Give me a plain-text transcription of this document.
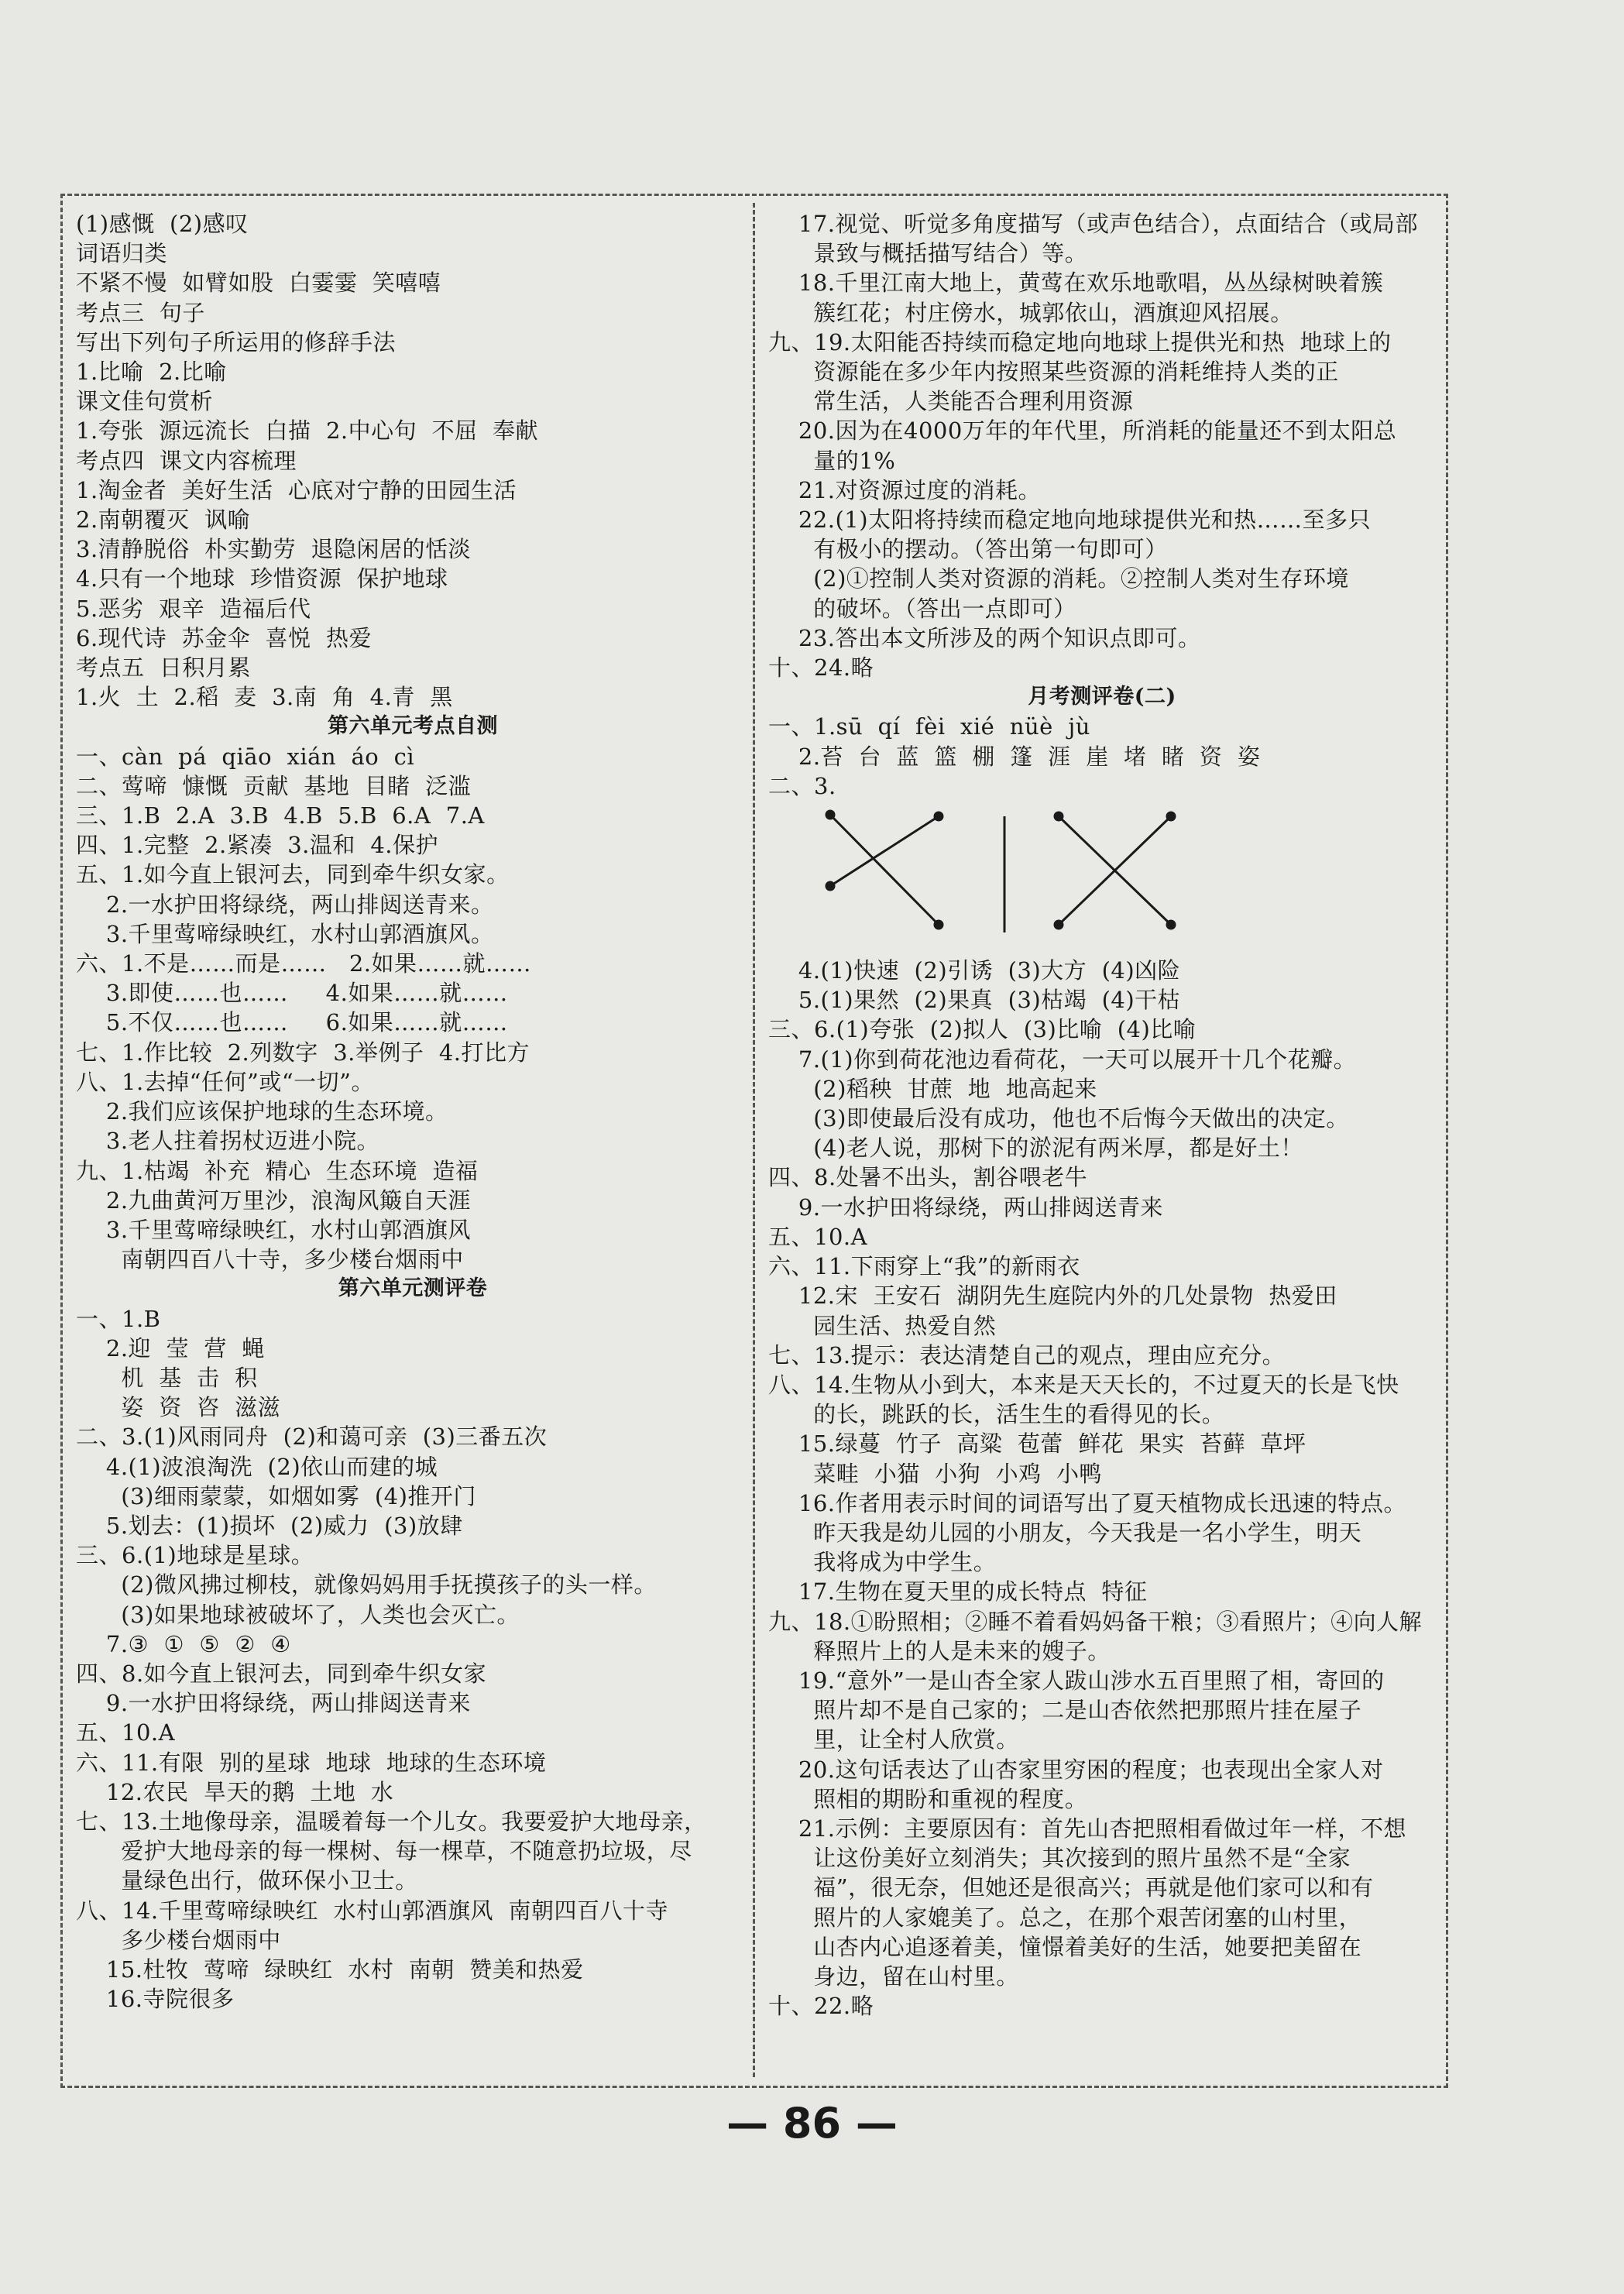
(1)感慨  (2)感叹
词语归类
不紧不慢  如臂如股  白霎霎  笑嘻嘻
考点三  句子
写出下列句子所运用的修辞手法
1.比喻  2.比喻
课文佳句赏析
1.夸张  源远流长  白描  2.中心句  不屈  奉献
考点四  课文内容梳理
1.淘金者  美好生活  心底对宁静的田园生活
2.南朝覆灭  讽喻
3.清静脱俗  朴实勤劳  退隐闲居的恬淡
4.只有一个地球  珍惜资源  保护地球
5.恶劣  艰辛  造福后代
6.现代诗  苏金伞  喜悦  热爱
考点五  日积月累
1.火  土  2.稻  麦  3.南  角  4.青  黑
第六单元考点自测
一、càn  pá  qiāo  xián  áo  cì
二、莺啼  慷慨  贡献  基地  目睹  泛滥
三、1.B  2.A  3.B  4.B  5.B  6.A  7.A
四、1.完整  2.紧凑  3.温和  4.保护
五、1.如今直上银河去，同到牵牛织女家。
2.一水护田将绿绕，两山排闼送青来。
3.千里莺啼绿映红，水村山郭酒旗风。
六、1.不是……而是……   2.如果……就……
3.即使……也……     4.如果……就……
5.不仅……也……     6.如果……就……
七、1.作比较  2.列数字  3.举例子  4.打比方
八、1.去掉“任何”或“一切”。
2.我们应该保护地球的生态环境。
3.老人拄着拐杖迈进小院。
九、1.枯竭  补充  精心  生态环境  造福
2.九曲黄河万里沙，浪淘风簸自天涯
3.千里莺啼绿映红，水村山郭酒旗风
南朝四百八十寺，多少楼台烟雨中
第六单元测评卷
一、1.B
2.迎  莹  营  蝇
机  基  击  积
姿  资  咨  滋滋
二、3.(1)风雨同舟  (2)和蔼可亲  (3)三番五次
4.(1)波浪淘洗  (2)依山而建的城
(3)细雨蒙蒙，如烟如雾  (4)推开门
5.划去：(1)损坏  (2)威力  (3)放肆
三、6.(1)地球是星球。
(2)微风拂过柳枝，就像妈妈用手抚摸孩子的头一样。
(3)如果地球被破坏了，人类也会灭亡。
7.③  ①  ⑤  ②  ④
四、8.如今直上银河去，同到牵牛织女家
9.一水护田将绿绕，两山排闼送青来
五、10.A
六、11.有限  别的星球  地球  地球的生态环境
12.农民  旱天的鹅  土地  水
七、13.土地像母亲，温暖着每一个儿女。我要爱护大地母亲，
爱护大地母亲的每一棵树、每一棵草，不随意扔垃圾，尽
量绿色出行，做环保小卫士。
八、14.千里莺啼绿映红  水村山郭酒旗风  南朝四百八十寺
多少楼台烟雨中
15.杜牧  莺啼  绿映红  水村  南朝  赞美和热爱
16.寺院很多
17.视觉、听觉多角度描写（或声色结合），点面结合（或局部
景致与概括描写结合）等。
18.千里江南大地上，黄莺在欢乐地歌唱，丛丛绿树映着簇
簇红花；村庄傍水，城郭依山，酒旗迎风招展。
九、19.太阳能否持续而稳定地向地球上提供光和热  地球上的
资源能在多少年内按照某些资源的消耗维持人类的正
常生活，人类能否合理利用资源
20.因为在4000万年的年代里，所消耗的能量还不到太阳总
量的1%
21.对资源过度的消耗。
22.(1)太阳将持续而稳定地向地球提供光和热……至多只
有极小的摆动。（答出第一句即可）
(2)①控制人类对资源的消耗。②控制人类对生存环境
的破坏。（答出一点即可）
23.答出本文所涉及的两个知识点即可。
十、24.略
月考测评卷(二)
一、1.sū  qí  fèi  xié  nüè  jù
2.苔  台  蓝  篮  棚  篷  涯  崖  堵  睹  资  姿
二、3.
4.(1)快速  (2)引诱  (3)大方  (4)凶险
5.(1)果然  (2)果真  (3)枯竭  (4)干枯
三、6.(1)夸张  (2)拟人  (3)比喻  (4)比喻
7.(1)你到荷花池边看荷花，一天可以展开十几个花瓣。
(2)稻秧  甘蔗  地  地高起来
(3)即使最后没有成功，他也不后悔今天做出的决定。
(4)老人说，那树下的淤泥有两米厚，都是好土！
四、8.处暑不出头，割谷喂老牛
9.一水护田将绿绕，两山排闼送青来
五、10.A
六、11.下雨穿上“我”的新雨衣
12.宋  王安石  湖阴先生庭院内外的几处景物  热爱田
园生活、热爱自然
七、13.提示：表达清楚自己的观点，理由应充分。
八、14.生物从小到大，本来是天天长的，不过夏天的长是飞快
的长，跳跃的长，活生生的看得见的长。
15.绿蔓  竹子  高粱  苞蕾  鲜花  果实  苔藓  草坪
菜畦  小猫  小狗  小鸡  小鸭
16.作者用表示时间的词语写出了夏天植物成长迅速的特点。
昨天我是幼儿园的小朋友，今天我是一名小学生，明天
我将成为中学生。
17.生物在夏天里的成长特点  特征
九、18.①盼照相；②睡不着看妈妈备干粮；③看照片；④向人解
释照片上的人是未来的嫂子。
19.“意外”一是山杏全家人跋山涉水五百里照了相，寄回的
照片却不是自己家的；二是山杏依然把那照片挂在屋子
里，让全村人欣赏。
20.这句话表达了山杏家里穷困的程度；也表现出全家人对
照相的期盼和重视的程度。
21.示例：主要原因有：首先山杏把照相看做过年一样，不想
让这份美好立刻消失；其次接到的照片虽然不是“全家
福”，很无奈，但她还是很高兴；再就是他们家可以和有
照片的人家媲美了。总之，在那个艰苦闭塞的山村里，
山杏内心追逐着美，憧憬着美好的生活，她要把美留在
身边，留在山村里。
十、22.略
— 86 —
